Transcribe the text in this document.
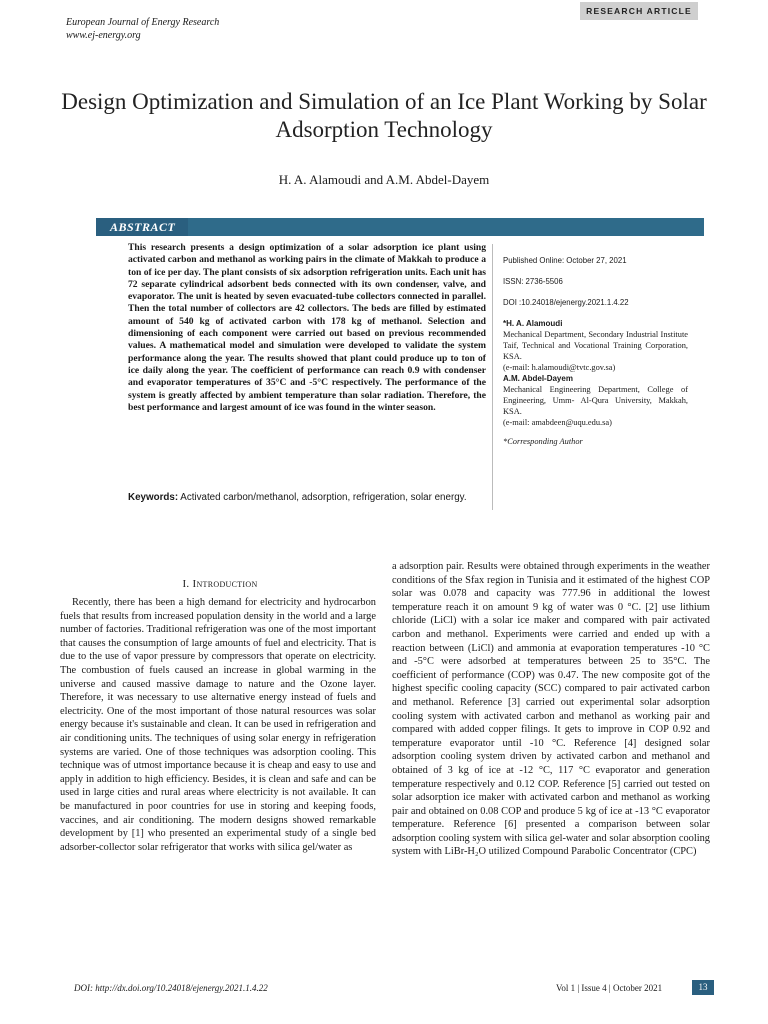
European Journal of Energy Research
www.ej-energy.org
RESEARCH ARTICLE
Design Optimization and Simulation of an Ice Plant Working by Solar Adsorption Technology
H. A. Alamoudi and A.M. Abdel-Dayem
ABSTRACT
This research presents a design optimization of a solar adsorption ice plant using activated carbon and methanol as working pairs in the climate of Makkah to produce a ton of ice per day. The plant consists of six adsorption refrigeration units. Each unit has 72 separate cylindrical adsorbent beds connected with its own condenser, valve, and evaporator. The unit is heated by seven evacuated-tube collectors connected in parallel. Then the total number of collectors are 42 collectors. The beds are filled by estimated amount of 540 kg of activated carbon with 178 kg of methanol. Selection and dimensioning of each component were carried out based on previous recommended values. A mathematical model and simulation were developed to validate the system performance along the year. The results showed that plant could produce up to ton of ice daily along the year. The coefficient of performance can reach 0.9 with condenser and evaporator temperatures of 35°C and -5°C respectively. The performance of the system is greatly affected by ambient temperature than solar radiation. Therefore, the best performance and largest amount of ice was found in the winter season.
Keywords: Activated carbon/methanol, adsorption, refrigeration, solar energy.
Published Online: October 27, 2021
ISSN: 2736-5506
DOI :10.24018/ejenergy.2021.1.4.22
*H. A. Alamoudi
Mechanical Department, Secondary Industrial Institute Taif, Technical and Vocational Training Corporation, KSA.
(e-mail: h.alamoudi@tvtc.gov.sa)
A.M. Abdel-Dayem
Mechanical Engineering Department, College of Engineering, Umm- Al-Qura University, Makkah, KSA.
(e-mail: amabdeen@uqu.edu.sa)
*Corresponding Author
I. Introduction
Recently, there has been a high demand for electricity and hydrocarbon fuels that results from increased population density in the world and a large number of factories. Traditional refrigeration was one of the most important that causes the consumption of large amounts of fuel and electricity. That is due to the use of vapor pressure by compressors that operate on electricity. The combustion of fuels caused an increase in global warming in the universe and caused massive damage to nature and the Ozone layer. Therefore, it was necessary to use alternative energy instead of fuels and electricity. One of the most important of those natural resources was solar energy because it's sustainable and clean. It can be used in refrigeration and air conditioning units. The techniques of using solar energy in refrigeration systems are varied. One of those techniques was adsorption cooling. This technique was of utmost importance because it is cheap and easy to use and apply in addition to high efficiency. Besides, it is clean and safe and can be used in large cities and rural areas where electricity is not available. It can be manufactured in poor countries for use in storing and keeping foods, vaccines, and air conditioning. The modern designs showed remarkable development by [1] who presented an experimental study of a single bed adsorber-collector solar refrigerator that works with silica gel/water as
a adsorption pair. Results were obtained through experiments in the weather conditions of the Sfax region in Tunisia and it estimated of the highest COP solar was 0.078 and capacity was 777.96 in additional the lowest temperature reach it on amount 9 kg of water was 0 °C. [2] use lithium chloride (LiCl) with a solar ice maker and compared with pair activated carbon and methanol. Experiments were carried and ended up with a reaction between (LiCl) and ammonia at evaporation temperatures -10 °C and -5°C were adsorbed at temperatures between 25 to 35°C. The coefficient of performance (COP) was 0.47. The new composite got of the highest specific cooling capacity (SCC) compared to pair activated carbon and methanol. Reference [3] carried out experimental solar adsorption cooling system with activated carbon and methanol as working pair and compared with added copper filings. It gets to improve in COP 0.92 and temperature evaporator until -10 °C. Reference [4] designed solar adsorption cooling system driven by activated carbon and methanol and obtained of 3 kg of ice at -12 °C, 117 °C evaporator and generation temperature respectively and 0.12 COP. Reference [5] carried out tested on solar adsorption ice maker with activated carbon and methanol as working pair and obtained on 0.08 COP and produce 5 kg of ice at -13 °C evaporator temperature. Reference [6] presented a comparison between solar adsorption cooling system with silica gel-water and solar absorption cooling system with LiBr-H₂O utilized Compound Parabolic Concentrator (CPC)
DOI: http://dx.doi.org/10.24018/ejenergy.2021.1.4.22	Vol 1 | Issue 4 | October 2021	13
